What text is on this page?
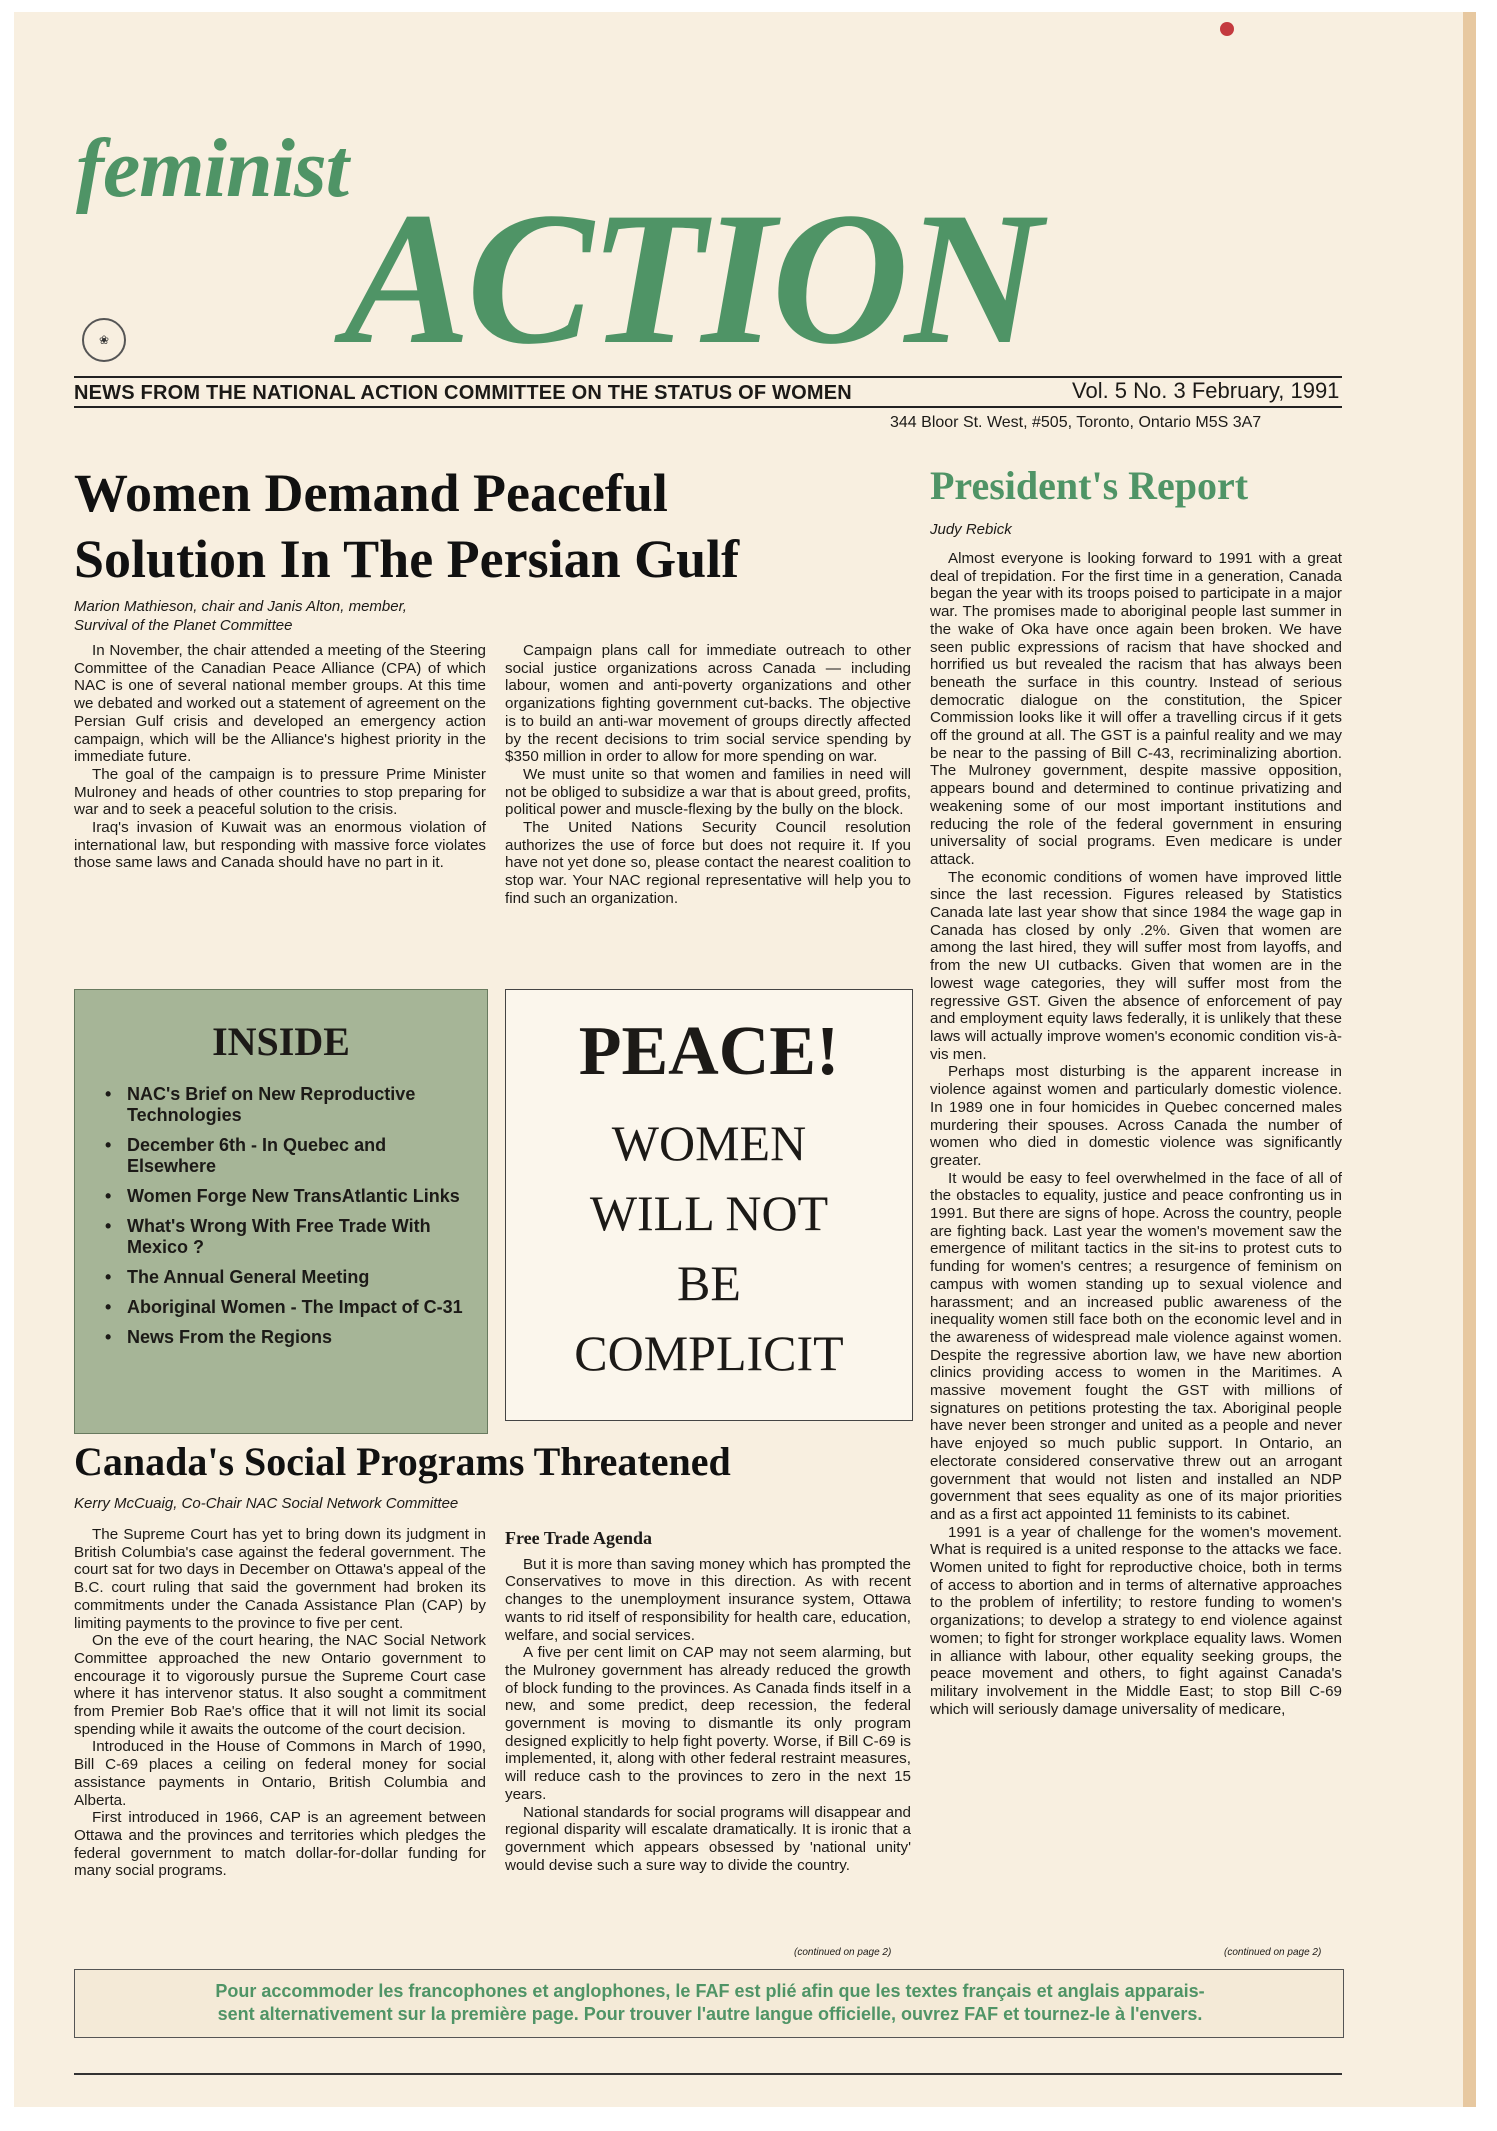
feminist
ACTION
❀
NEWS FROM THE NATIONAL ACTION COMMITTEE ON THE STATUS OF WOMEN	Vol. 5 No. 3 February, 1991
344 Bloor St. West, #505, Toronto, Ontario M5S 3A7
Women Demand Peaceful
Solution In The Persian Gulf
Marion Mathieson, chair and Janis Alton, member,
Survival of the Planet Committee

In November, the chair attended a meeting of the Steering Committee of the Canadian Peace Alliance (CPA) of which NAC is one of several national member groups. At this time we debated and worked out a statement of agreement on the Persian Gulf crisis and developed an emergency action campaign, which will be the Alliance's highest priority in the immediate future.

The goal of the campaign is to pressure Prime Minister Mulroney and heads of other countries to stop preparing for war and to seek a peaceful solution to the crisis.

Iraq's invasion of Kuwait was an enormous violation of international law, but responding with massive force violates those same laws and Canada should have no part in it.

Campaign plans call for immediate outreach to other social justice organizations across Canada — including labour, women and anti-poverty organizations and other organizations fighting government cut-backs. The objective is to build an anti-war movement of groups directly affected by the recent decisions to trim social service spending by $350 million in order to allow for more spending on war.

We must unite so that women and families in need will not be obliged to subsidize a war that is about greed, profits, political power and muscle-flexing by the bully on the block.

The United Nations Security Council resolution authorizes the use of force but does not require it. If you have not yet done so, please contact the nearest coalition to stop war. Your NAC regional representative will help you to find such an organization.

INSIDE
• NAC's Brief on New Reproductive Technologies
• December 6th - In Quebec and Elsewhere
• Women Forge New TransAtlantic Links
• What's Wrong With Free Trade With Mexico ?
• The Annual General Meeting
• Aboriginal Women - The Impact of C-31
• News From the Regions
PEACE!
WOMEN
WILL NOT
BE
COMPLICIT
Canada's Social Programs Threatened
Kerry McCuaig, Co-Chair NAC Social Network Committee

The Supreme Court has yet to bring down its judgment in British Columbia's case against the federal government. The court sat for two days in December on Ottawa's appeal of the B.C. court ruling that said the government had broken its commitments under the Canada Assistance Plan (CAP) by limiting payments to the province to five per cent.

On the eve of the court hearing, the NAC Social Network Committee approached the new Ontario government to encourage it to vigorously pursue the Supreme Court case where it has intervenor status. It also sought a commitment from Premier Bob Rae's office that it will not limit its social spending while it awaits the outcome of the court decision.

Introduced in the House of Commons in March of 1990, Bill C-69 places a ceiling on federal money for social assistance payments in Ontario, British Columbia and Alberta.

First introduced in 1966, CAP is an agreement between Ottawa and the provinces and territories which pledges the federal government to match dollar-for-dollar funding for many social programs.

Free Trade Agenda

But it is more than saving money which has prompted the Conservatives to move in this direction. As with recent changes to the unemployment insurance system, Ottawa wants to rid itself of responsibility for health care, education, welfare, and social services.

A five per cent limit on CAP may not seem alarming, but the Mulroney government has already reduced the growth of block funding to the provinces. As Canada finds itself in a new, and some predict, deep recession, the federal government is moving to dismantle its only program designed explicitly to help fight poverty. Worse, if Bill C-69 is implemented, it, along with other federal restraint measures, will reduce cash to the provinces to zero in the next 15 years.

National standards for social programs will disappear and regional disparity will escalate dramatically. It is ironic that a government which appears obsessed by 'national unity' would devise such a sure way to divide the country.

(continued on page 2)
President's Report
Judy Rebick

Almost everyone is looking forward to 1991 with a great deal of trepidation. For the first time in a generation, Canada began the year with its troops poised to participate in a major war. The promises made to aboriginal people last summer in the wake of Oka have once again been broken. We have seen public expressions of racism that have shocked and horrified us but revealed the racism that has always been beneath the surface in this country. Instead of serious democratic dialogue on the constitution, the Spicer Commission looks like it will offer a travelling circus if it gets off the ground at all. The GST is a painful reality and we may be near to the passing of Bill C-43, recriminalizing abortion. The Mulroney government, despite massive opposition, appears bound and determined to continue privatizing and weakening some of our most important institutions and reducing the role of the federal government in ensuring universality of social programs. Even medicare is under attack.

The economic conditions of women have improved little since the last recession. Figures released by Statistics Canada late last year show that since 1984 the wage gap in Canada has closed by only .2%. Given that women are among the last hired, they will suffer most from layoffs, and from the new UI cutbacks. Given that women are in the lowest wage categories, they will suffer most from the regressive GST. Given the absence of enforcement of pay and employment equity laws federally, it is unlikely that these laws will actually improve women's economic condition vis-à-vis men.

Perhaps most disturbing is the apparent increase in violence against women and particularly domestic violence. In 1989 one in four homicides in Quebec concerned males murdering their spouses. Across Canada the number of women who died in domestic violence was significantly greater.

It would be easy to feel overwhelmed in the face of all of the obstacles to equality, justice and peace confronting us in 1991. But there are signs of hope. Across the country, people are fighting back. Last year the women's movement saw the emergence of militant tactics in the sit-ins to protest cuts to funding for women's centres; a resurgence of feminism on campus with women standing up to sexual violence and harassment; and an increased public awareness of the inequality women still face both on the economic level and in the awareness of widespread male violence against women. Despite the regressive abortion law, we have new abortion clinics providing access to women in the Maritimes. A massive movement fought the GST with millions of signatures on petitions protesting the tax. Aboriginal people have never been stronger and united as a people and never have enjoyed so much public support. In Ontario, an electorate considered conservative threw out an arrogant government that would not listen and installed an NDP government that sees equality as one of its major priorities and as a first act appointed 11 feminists to its cabinet.

1991 is a year of challenge for the women's movement. What is required is a united response to the attacks we face. Women united to fight for reproductive choice, both in terms of access to abortion and in terms of alternative approaches to the problem of infertility; to restore funding to women's organizations; to develop a strategy to end violence against women; to fight for stronger workplace equality laws. Women in alliance with labour, other equality seeking groups, the peace movement and others, to fight against Canada's military involvement in the Middle East; to stop Bill C-69 which will seriously damage universality of medicare,

(continued on page 2)
Pour accommoder les francophones et anglophones, le FAF est plié afin que les textes français et anglais apparais-
sent alternativement sur la première page. Pour trouver l'autre langue officielle, ouvrez FAF et tournez-le à l'envers.
